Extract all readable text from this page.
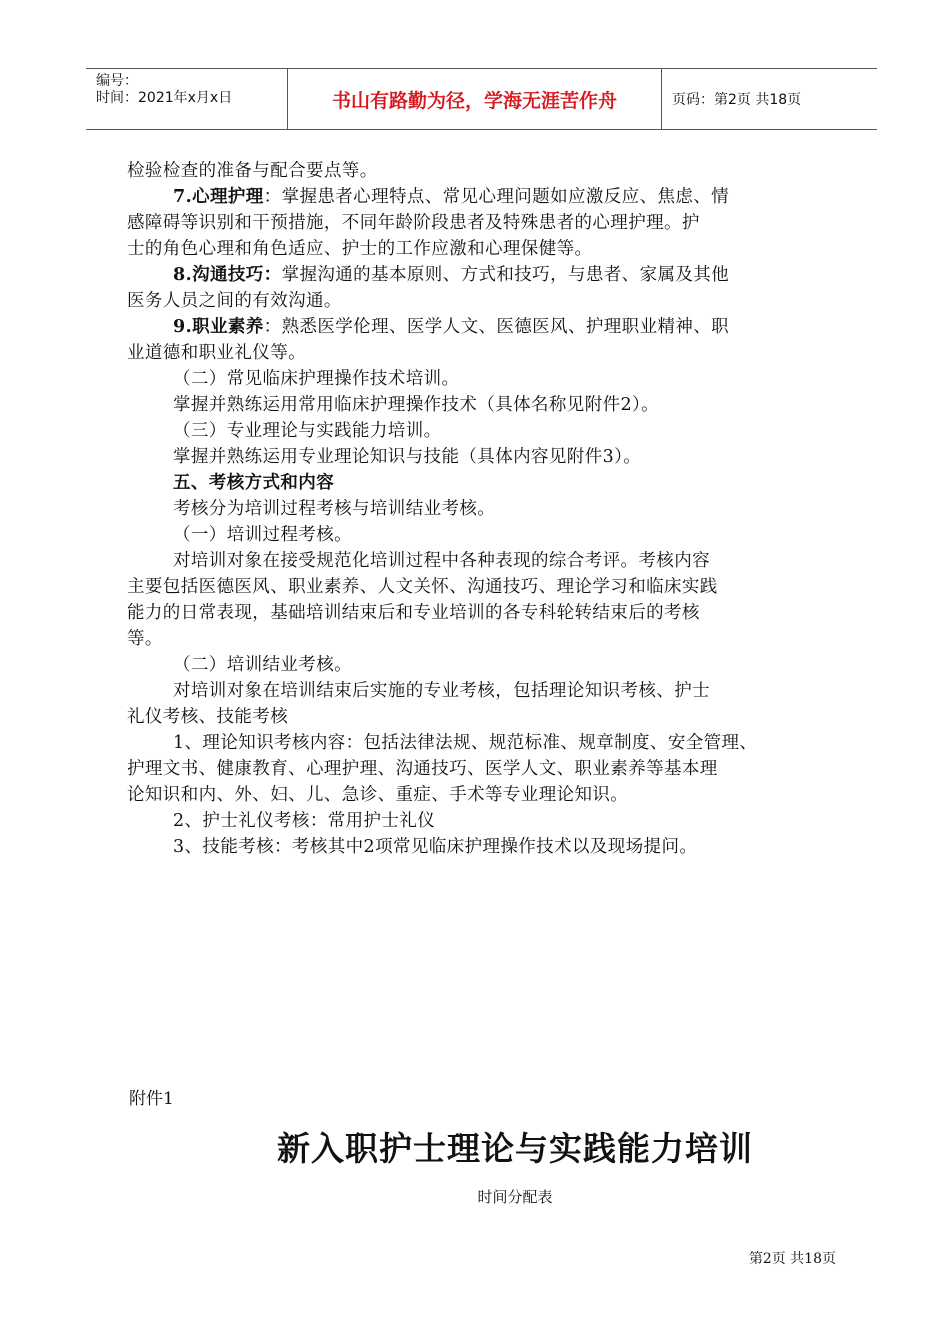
编号：
时间：2021年x月x日	书山有路勤为径，学海无涯苦作舟	页码：第2页 共18页

检验检查的准备与配合要点等。

7.心理护理：掌握患者心理特点、常见心理问题如应激反应、焦虑、情

感障碍等识别和干预措施，不同年龄阶段患者及特殊患者的心理护理。护

士的角色心理和角色适应、护士的工作应激和心理保健等。

8.沟通技巧：掌握沟通的基本原则、方式和技巧，与患者、家属及其他

医务人员之间的有效沟通。

9.职业素养：熟悉医学伦理、医学人文、医德医风、护理职业精神、职

业道德和职业礼仪等。

（二）常见临床护理操作技术培训。

掌握并熟练运用常用临床护理操作技术（具体名称见附件2）。

（三）专业理论与实践能力培训。

掌握并熟练运用专业理论知识与技能（具体内容见附件3）。

五、考核方式和内容

考核分为培训过程考核与培训结业考核。

（一）培训过程考核。

对培训对象在接受规范化培训过程中各种表现的综合考评。考核内容

主要包括医德医风、职业素养、人文关怀、沟通技巧、理论学习和临床实践

能力的日常表现，基础培训结束后和专业培训的各专科轮转结束后的考核

等。

（二）培训结业考核。

对培训对象在培训结束后实施的专业考核，包括理论知识考核、护士

礼仪考核、技能考核

1、理论知识考核内容：包括法律法规、规范标准、规章制度、安全管理、

护理文书、健康教育、心理护理、沟通技巧、医学人文、职业素养等基本理

论知识和内、外、妇、儿、急诊、重症、手术等专业理论知识。

2、护士礼仪考核：常用护士礼仪

3、技能考核：考核其中2项常见临床护理操作技术以及现场提问。

附件1
新入职护士理论与实践能力培训
时间分配表
第2页 共18页
